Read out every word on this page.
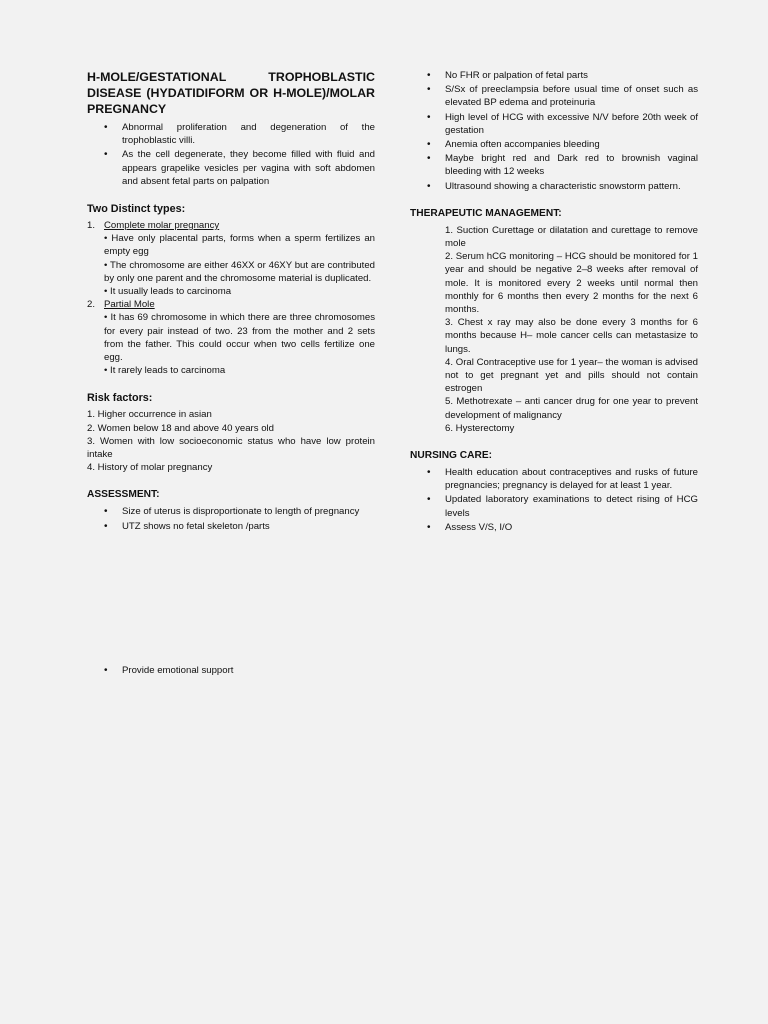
H-MOLE/GESTATIONAL TROPHOBLASTIC DISEASE (HYDATIDIFORM OR H-MOLE)/MOLAR PREGNANCY
• Abnormal proliferation and degeneration of the trophoblastic villi.
• As the cell degenerate, they become filled with fluid and appears grapelike vesicles per vagina with soft abdomen and absent fetal parts on palpation
Two Distinct types:
1. Complete molar pregnancy
• Have only placental parts, forms when a sperm fertilizes an empty egg
• The chromosome are either 46XX or 46XY but are contributed by only one parent and the chromosome material is duplicated.
• It usually leads to carcinoma
2. Partial Mole
• It has 69 chromosome in which there are three chromosomes for every pair instead of two. 23 from the mother and 2 sets from the father. This could occur when two cells fertilize one egg.
• It rarely leads to carcinoma
Risk factors:

1. Higher occurrence in asian

2. Women below 18 and above 40 years old

3. Women with low socioeconomic status who have low protein intake

4. History of molar pregnancy

ASSESSMENT:
• Size of uterus is disproportionate to length of pregnancy
• UTZ shows no fetal skeleton /parts
• No FHR or palpation of fetal parts
• S/Sx of preeclampsia before usual time of onset such as elevated BP edema and proteinuria
• High level of HCG with excessive N/V before 20th week of gestation
• Anemia often accompanies bleeding
• Maybe bright red and Dark red to brownish vaginal bleeding with 12 weeks
• Ultrasound showing a characteristic snowstorm pattern.
THERAPEUTIC MANAGEMENT:

1. Suction Curettage or dilatation and curettage to remove mole

2. Serum hCG monitoring – HCG should be monitored for 1 year and should be negative 2–8 weeks after removal of mole. It is monitored every 2 weeks until normal then monthly for 6 months then every 2 months for the next 6 months.

3. Chest x ray may also be done every 3 months for 6 months because H– mole cancer cells can metastasize to lungs.

4. Oral Contraceptive use for 1 year– the woman is advised not to get pregnant yet and pills should not contain estrogen

5. Methotrexate – anti cancer drug for one year to prevent development of malignancy

6. Hysterectomy

NURSING CARE:
• Health education about contraceptives and rusks of future pregnancies; pregnancy is delayed for at least 1 year.
• Updated laboratory examinations to detect rising of HCG levels
• Assess V/S, I/O
• Provide emotional support
